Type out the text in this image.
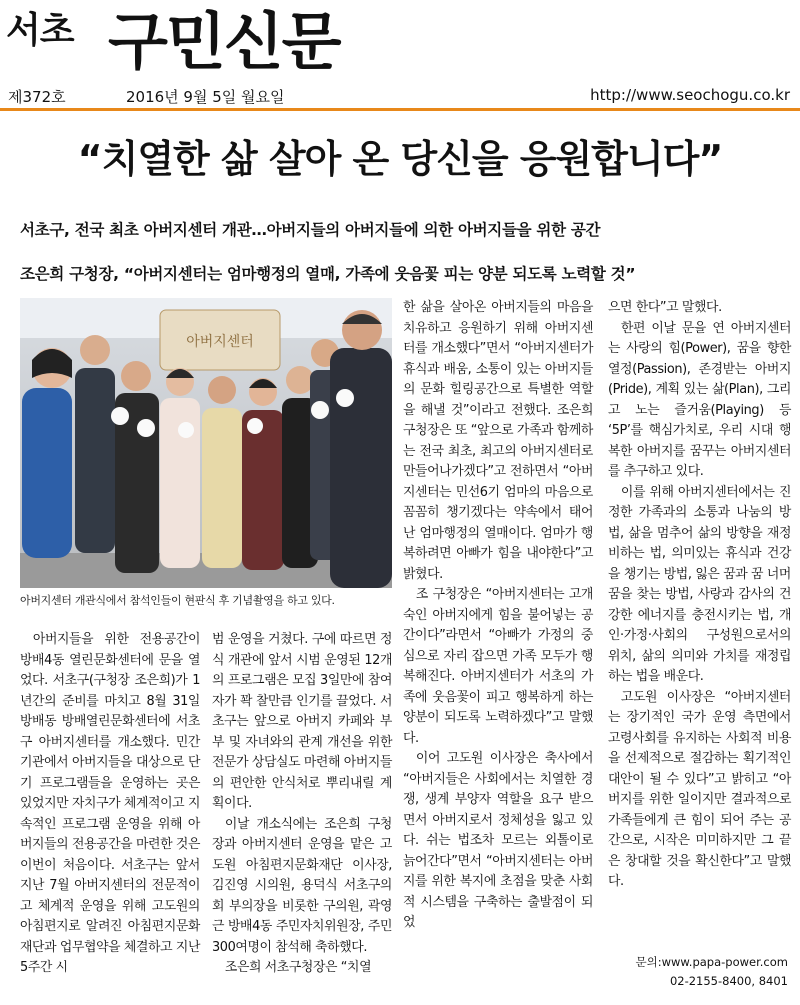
서초 구민신문
제372호	2016년 9월 5일 월요일	http://www.seochogu.co.kr
“치열한 삶 살아 온 당신을 응원합니다”
서초구, 전국 최초 아버지센터 개관…아버지들의 아버지들에 의한 아버지들을 위한 공간
조은희 구청장, “아버지센터는 엄마행정의 열매, 가족에 웃음꽃 피는 양분 되도록 노력할 것”
아버지센터
아버지센터 개관식에서 참석인들이 현판식 후 기념촬영을 하고 있다.

아버지들을 위한 전용공간이 방배4동 열린문화센터에 문을 열었다. 서초구(구청장 조은희)가 1년간의 준비를 마치고 8월 31일 방배동 방배열린문화센터에 서초구 아버지센터를 개소했다. 민간 기관에서 아버지들을 대상으로 단기 프로그램들을 운영하는 곳은 있었지만 자치구가 체계적이고 지속적인 프로그램 운영을 위해 아버지들의 전용공간을 마련한 것은 이번이 처음이다. 서초구는 앞서 지난 7월 아버지센터의 전문적이고 체계적 운영을 위해 고도원의 아침편지로 알려진 아침편지문화재단과 업무협약을 체결하고 지난 5주간 시

범 운영을 거쳤다. 구에 따르면 정식 개관에 앞서 시범 운영된 12개의 프로그램은 모집 3일만에 참여자가 꽉 찰만큼 인기를 끌었다. 서초구는 앞으로 아버지 카페와 부부 및 자녀와의 관계 개선을 위한 전문가 상담실도 마련해 아버지들의 편안한 안식처로 뿌리내릴 계획이다.

이날 개소식에는 조은희 구청장과 아버지센터 운영을 맡은 고도원 아침편지문화재단 이사장, 김진영 시의원, 용덕식 서초구의회 부의장을 비롯한 구의원, 곽영근 방배4동 주민자치위원장, 주민 300여명이 참석해 축하했다.

조은희 서초구청장은 “치열

한 삶을 살아온 아버지들의 마음을 치유하고 응원하기 위해 아버지센터를 개소했다”면서 “아버지센터가 휴식과 배움, 소통이 있는 아버지들의 문화 힐링공간으로 특별한 역할을 해낼 것”이라고 전했다. 조은희 구청장은 또 “앞으로 가족과 함께하는 전국 최초, 최고의 아버지센터로 만들어나가겠다”고 전하면서 “아버지센터는 민선6기 엄마의 마음으로 꼼꼼히 챙기겠다는 약속에서 태어난 엄마행정의 열매이다. 엄마가 행복하려면 아빠가 힘을 내야한다”고 밝혔다.

조 구청장은 “아버지센터는 고개 숙인 아버지에게 힘을 불어넣는 공간이다”라면서 “아빠가 가정의 중심으로 자리 잡으면 가족 모두가 행복해진다. 아버지센터가 서초의 가족에 웃음꽃이 피고 행복하게 하는 양분이 되도록 노력하겠다”고 말했다.

이어 고도원 이사장은 축사에서 “아버지들은 사회에서는 치열한 경쟁, 생계 부양자 역할을 요구 받으면서 아버지로서 정체성을 잃고 있다. 쉬는 법조차 모르는 외톨이로 늙어간다”면서 “아버지센터는 아버지를 위한 복지에 초점을 맞춘 사회적 시스템을 구축하는 출발점이 되었

으면 한다”고 말했다.

한편 이날 문을 연 아버지센터는 사랑의 힘(Power), 꿈을 향한 열정(Passion), 존경받는 아버지(Pride), 계획 있는 삶(Plan), 그리고 노는 즐거움(Playing) 등 ‘5P’를 핵심가치로, 우리 시대 행복한 아버지를 꿈꾸는 아버지센터를 추구하고 있다.

이를 위해 아버지센터에서는 진정한 가족과의 소통과 나눔의 방법, 삶을 멈추어 삶의 방향을 재정비하는 법, 의미있는 휴식과 건강을 챙기는 방법, 잃은 꿈과 꿈 너머 꿈을 찾는 방법, 사랑과 감사의 건강한 에너지를 충전시키는 법, 개인·가정·사회의 구성원으로서의 위치, 삶의 의미와 가치를 재정립하는 법을 배운다.

고도원 이사장은 “아버지센터는 장기적인 국가 운영 측면에서 고령사회를 유지하는 사회적 비용을 선제적으로 절감하는 획기적인 대안이 될 수 있다”고 밝히고 “아버지를 위한 일이지만 결과적으로 가족들에게 큰 힘이 되어 주는 공간으로, 시작은 미미하지만 그 끝은 창대할 것을 확신한다”고 말했다.

문의:www.papa-power.com
02-2155-8400, 8401
